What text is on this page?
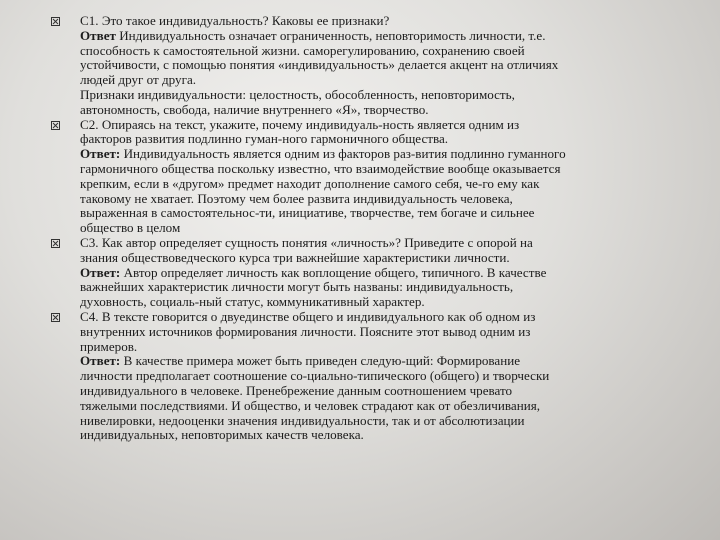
С1. Это такое индивидуальность? Каковы ее признаки?
Ответ Индивидуальность означает ограниченность, неповторимость личности, т.е.
способность к самостоятельной жизни. саморегулированию, сохранению своей
устойчивости, с помощью понятия «индивидуальность» делается акцент на отличиях
людей друг от друга.
Признаки индивидуальности: целостность, обособленность, неповторимость,
автономность, свобода, наличие внутреннего «Я», творчество.
С2. Опираясь на текст, укажите, почему индивидуаль-ность является одним из
факторов развития подлинно гуман-ного гармоничного общества.
Ответ: Индивидуальность является одним из факторов раз-вития подлинно гуманного
гармоничного общества поскольку известно, что взаимодействие вообще оказывается
крепким, если в «другом» предмет находит дополнение самого себя, че-го ему как
таковому не хватает. Поэтому чем более развита индивидуальность человека,
выраженная в самостоятельнос-ти, инициативе, творчестве, тем богаче и сильнее
общество в целом
С3. Как автор определяет сущность понятия «личность»? Приведите с опорой на
знания обществоведческого курса три важнейшие характеристики личности.
Ответ: Автор определяет личность как воплощение общего, типичного. В качестве
важнейших характеристик личности могут быть названы: индивидуальность,
духовность, социаль-ный статус, коммуникативный характер.
С4. В тексте говорится о двуединстве общего и индивидуального как об одном из
внутренних источников формирования личности. Поясните этот вывод одним из
примеров.
Ответ: В качестве примера может быть приведен следую-щий: Формирование
личности предполагает соотношение со-циально-типического (общего) и творчески
индивидуального в человеке. Пренебрежение данным соотношением чревато
тяжелыми последствиями. И общество, и человек страдают как от обезличивания,
нивелировки, недооценки значения индивидуальности, так и от абсолютизации
индивидуальных, неповторимых качеств человека.
